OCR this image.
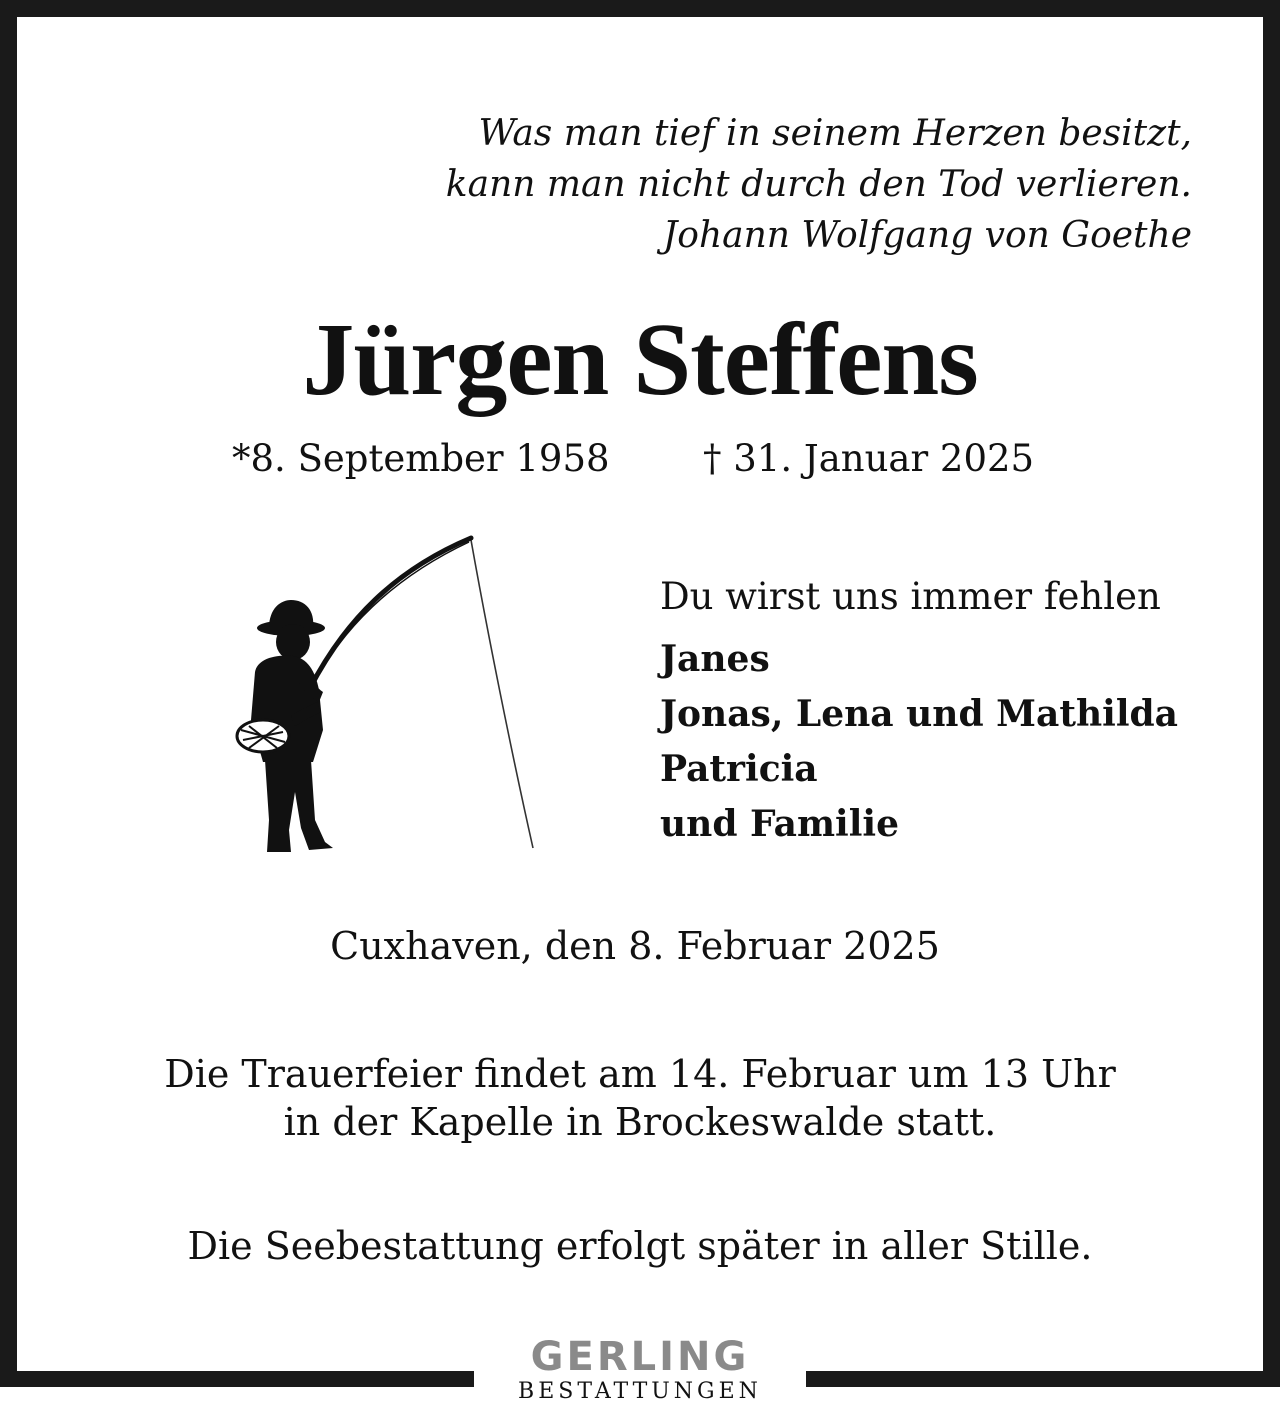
Was man tief in seinem Herzen besitzt,
kann man nicht durch den Tod verlieren.
Johann Wolfgang von Goethe
Jürgen Steffens
*8. September 1958	† 31. Januar 2025
Du wirst uns immer fehlen
Janes
Jonas, Lena und Mathilda
Patricia
und Familie
Cuxhaven, den 8. Februar 2025
Die Trauerfeier findet am 14. Februar um 13 Uhr
in der Kapelle in Brockeswalde statt.
Die Seebestattung erfolgt später in aller Stille.
GERLING
BESTATTUNGEN
